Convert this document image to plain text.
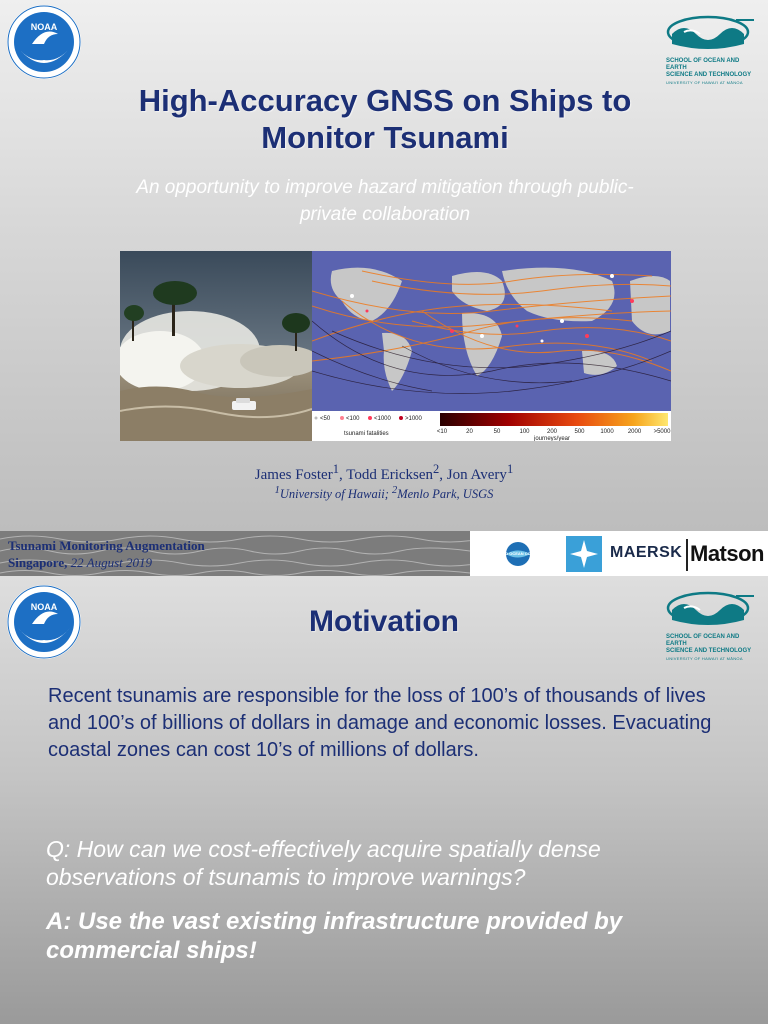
NOAA
SCHOOL OF OCEAN AND EARTH
SCIENCE AND TECHNOLOGY
UNIVERSITY OF HAWAI'I AT MĀNOA
High-Accuracy GNSS on Ships to
Monitor Tsunami
An opportunity to improve hazard mitigation through public-
private collaboration
<50	<100 <1000 >1000
tsunami fatalities	<10	20	50	100	200	500	1000 2000 >5000
journeys/year
James Foster$^1$, Todd Ericksen$^2$, Jon Avery$^1$
$^1$University of Hawaii; $^2$Menlo Park, USGS
Tsunami Monitoring Augmentation
Singapore, 22 August 2019
WORLD OCEAN COUNCIL	MAERSK Matson
NOAA
SCHOOL OF OCEAN AND EARTH
SCIENCE AND TECHNOLOGY
UNIVERSITY OF HAWAI'I AT MĀNOA
Motivation
Recent tsunamis are responsible for the loss of 100’s of thousands of lives and 100’s of billions of dollars in damage and economic losses. Evacuating coastal zones can cost 10’s of millions of dollars.
Q: How can we cost-effectively acquire spatially dense observations of tsunamis to improve warnings?
A: Use the vast existing infrastructure provided by commercial ships!
